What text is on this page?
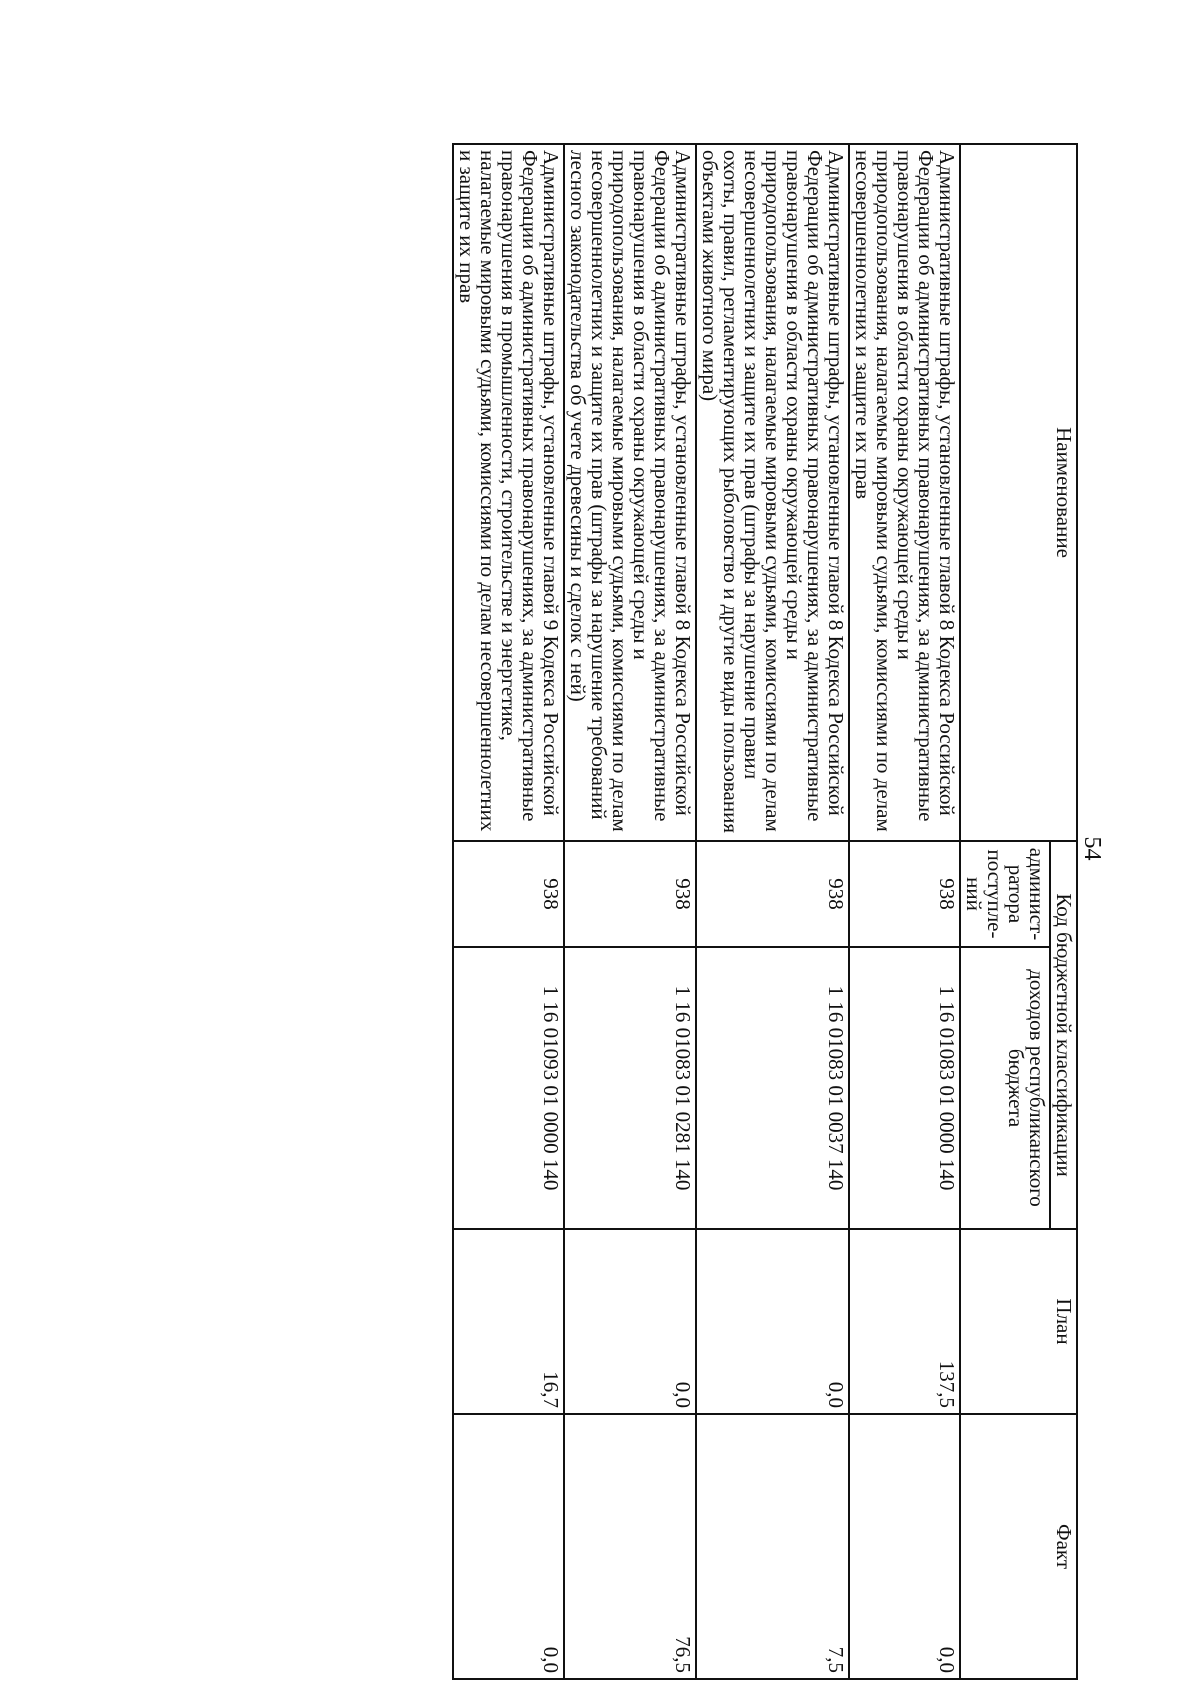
54
Наименование	Код бюджетной классификации		План	Факт
	админист-ратора поступле-ний	доходов республиканского бюджета		
Административные штрафы, установленные главой 8 Кодекса Российской Федерации об административных правонарушениях, за административные правонарушения в области охраны окружающей среды и природопользования, налагаемые мировыми судьями, комиссиями по делам несовершеннолетних и защите их прав	938	1 16 01083 01 0000 140	137,5	0,0
Административные штрафы, установленные главой 8 Кодекса Российской Федерации об административных правонарушениях, за административные правонарушения в области охраны окружающей среды и природопользования, налагаемые мировыми судьями, комиссиями по делам несовершеннолетних и защите их прав (штрафы за нарушение правил охоты, правил, регламентирующих рыболовство и другие виды пользования объектами животного мира)	938	1 16 01083 01 0037 140	0,0	7,5
Административные штрафы, установленные главой 8 Кодекса Российской Федерации об административных правонарушениях, за административные правонарушения в области охраны окружающей среды и природопользования, налагаемые мировыми судьями, комиссиями по делам несовершеннолетних и защите их прав (штрафы за нарушение требований лесного законодательства об учете древесины и сделок с ней)	938	1 16 01083 01 0281 140	0,0	76,5
Административные штрафы, установленные главой 9 Кодекса Российской Федерации об административных правонарушениях, за административные правонарушения в промышленности, строительстве и энергетике, налагаемые мировыми судьями, комиссиями по делам несовершеннолетних и защите их прав	938	1 16 01093 01 0000 140	16,7	0,0
